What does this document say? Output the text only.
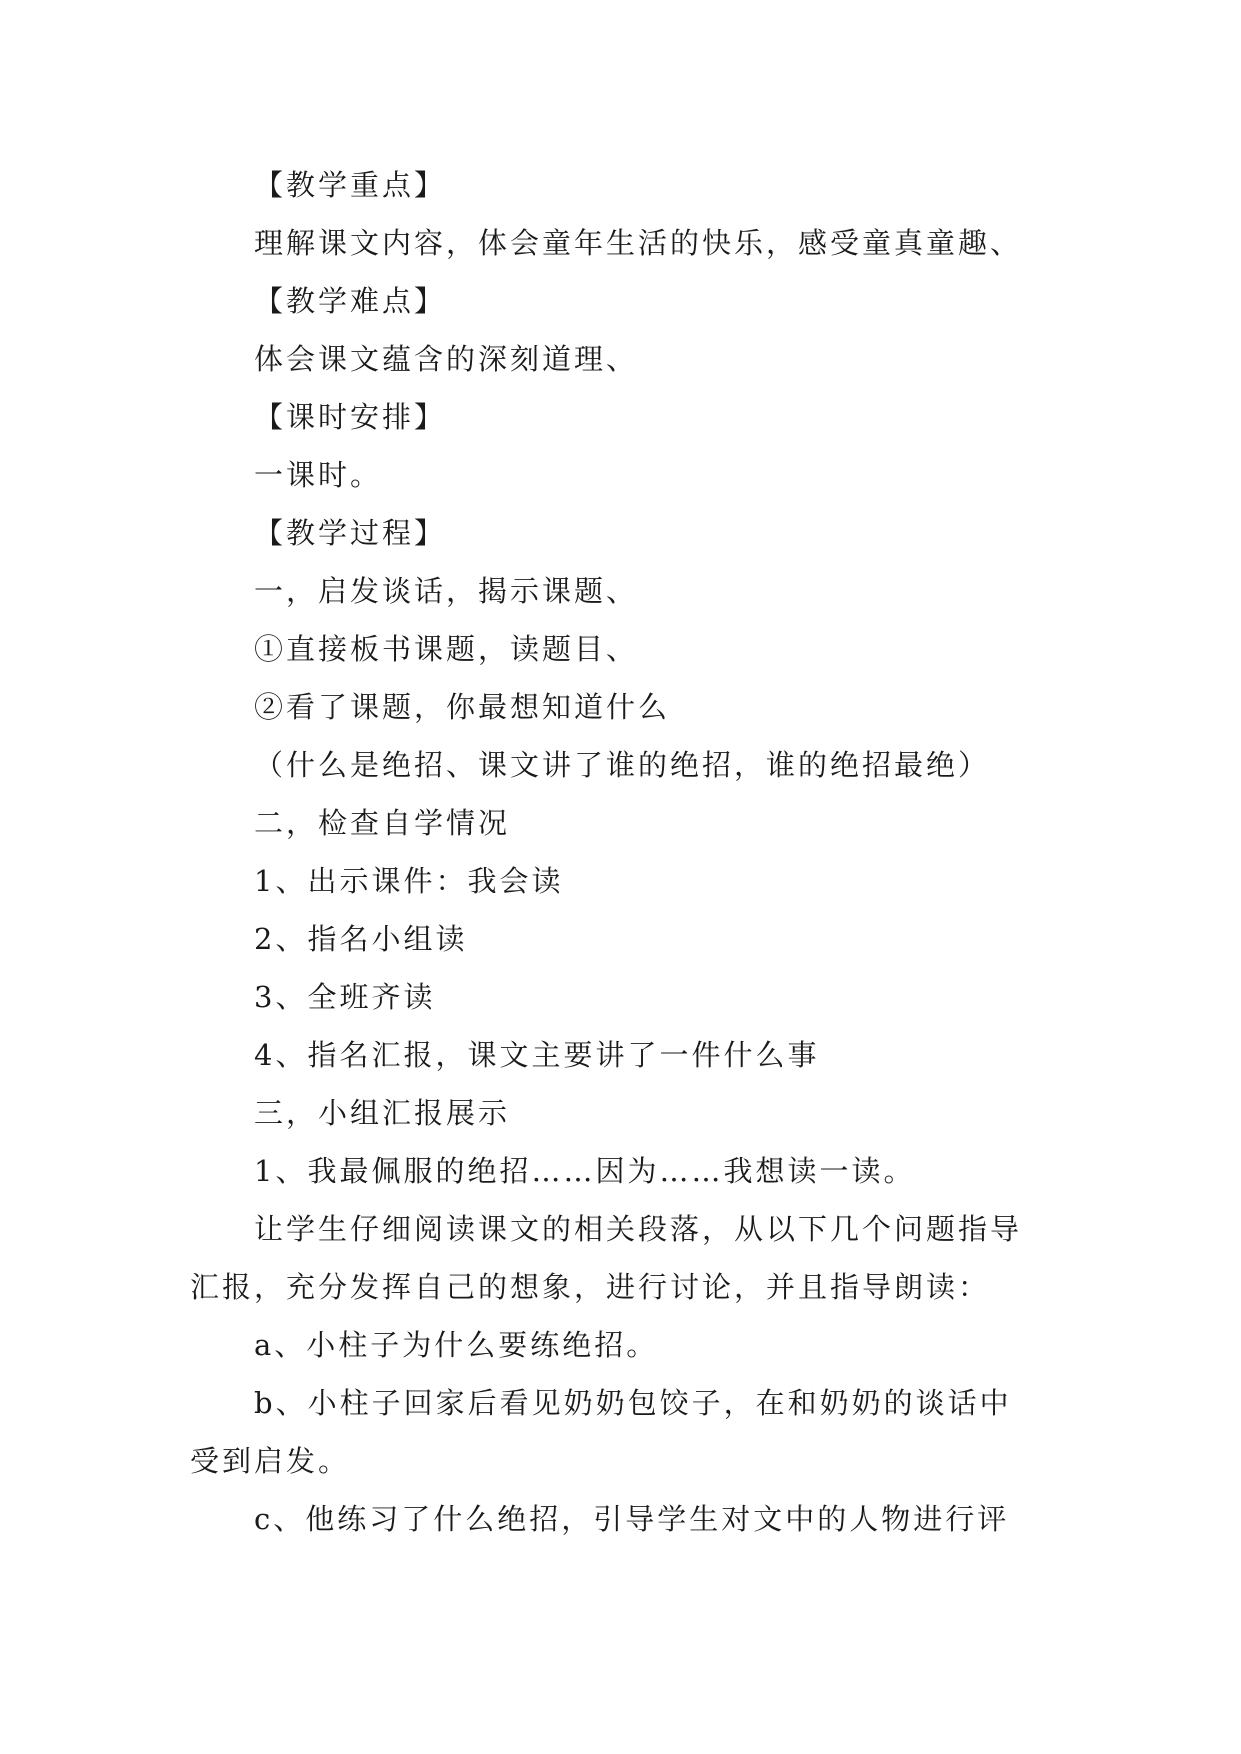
【教学重点】
理解课文内容，体会童年生活的快乐，感受童真童趣、
【教学难点】
体会课文蕴含的深刻道理、
【课时安排】
一课时。
【教学过程】
一，启发谈话，揭示课题、
①直接板书课题，读题目、
②看了课题，你最想知道什么
（什么是绝招、课文讲了谁的绝招，谁的绝招最绝）
二，检查自学情况
1、出示课件：我会读
2、指名小组读
3、全班齐读
4、指名汇报，课文主要讲了一件什么事
三，小组汇报展示
1、我最佩服的绝招……因为……我想读一读。
让学生仔细阅读课文的相关段落，从以下几个问题指导
汇报，充分发挥自己的想象，进行讨论，并且指导朗读：
a、小柱子为什么要练绝招。
b、小柱子回家后看见奶奶包饺子，在和奶奶的谈话中
受到启发。
c、他练习了什么绝招，引导学生对文中的人物进行评
